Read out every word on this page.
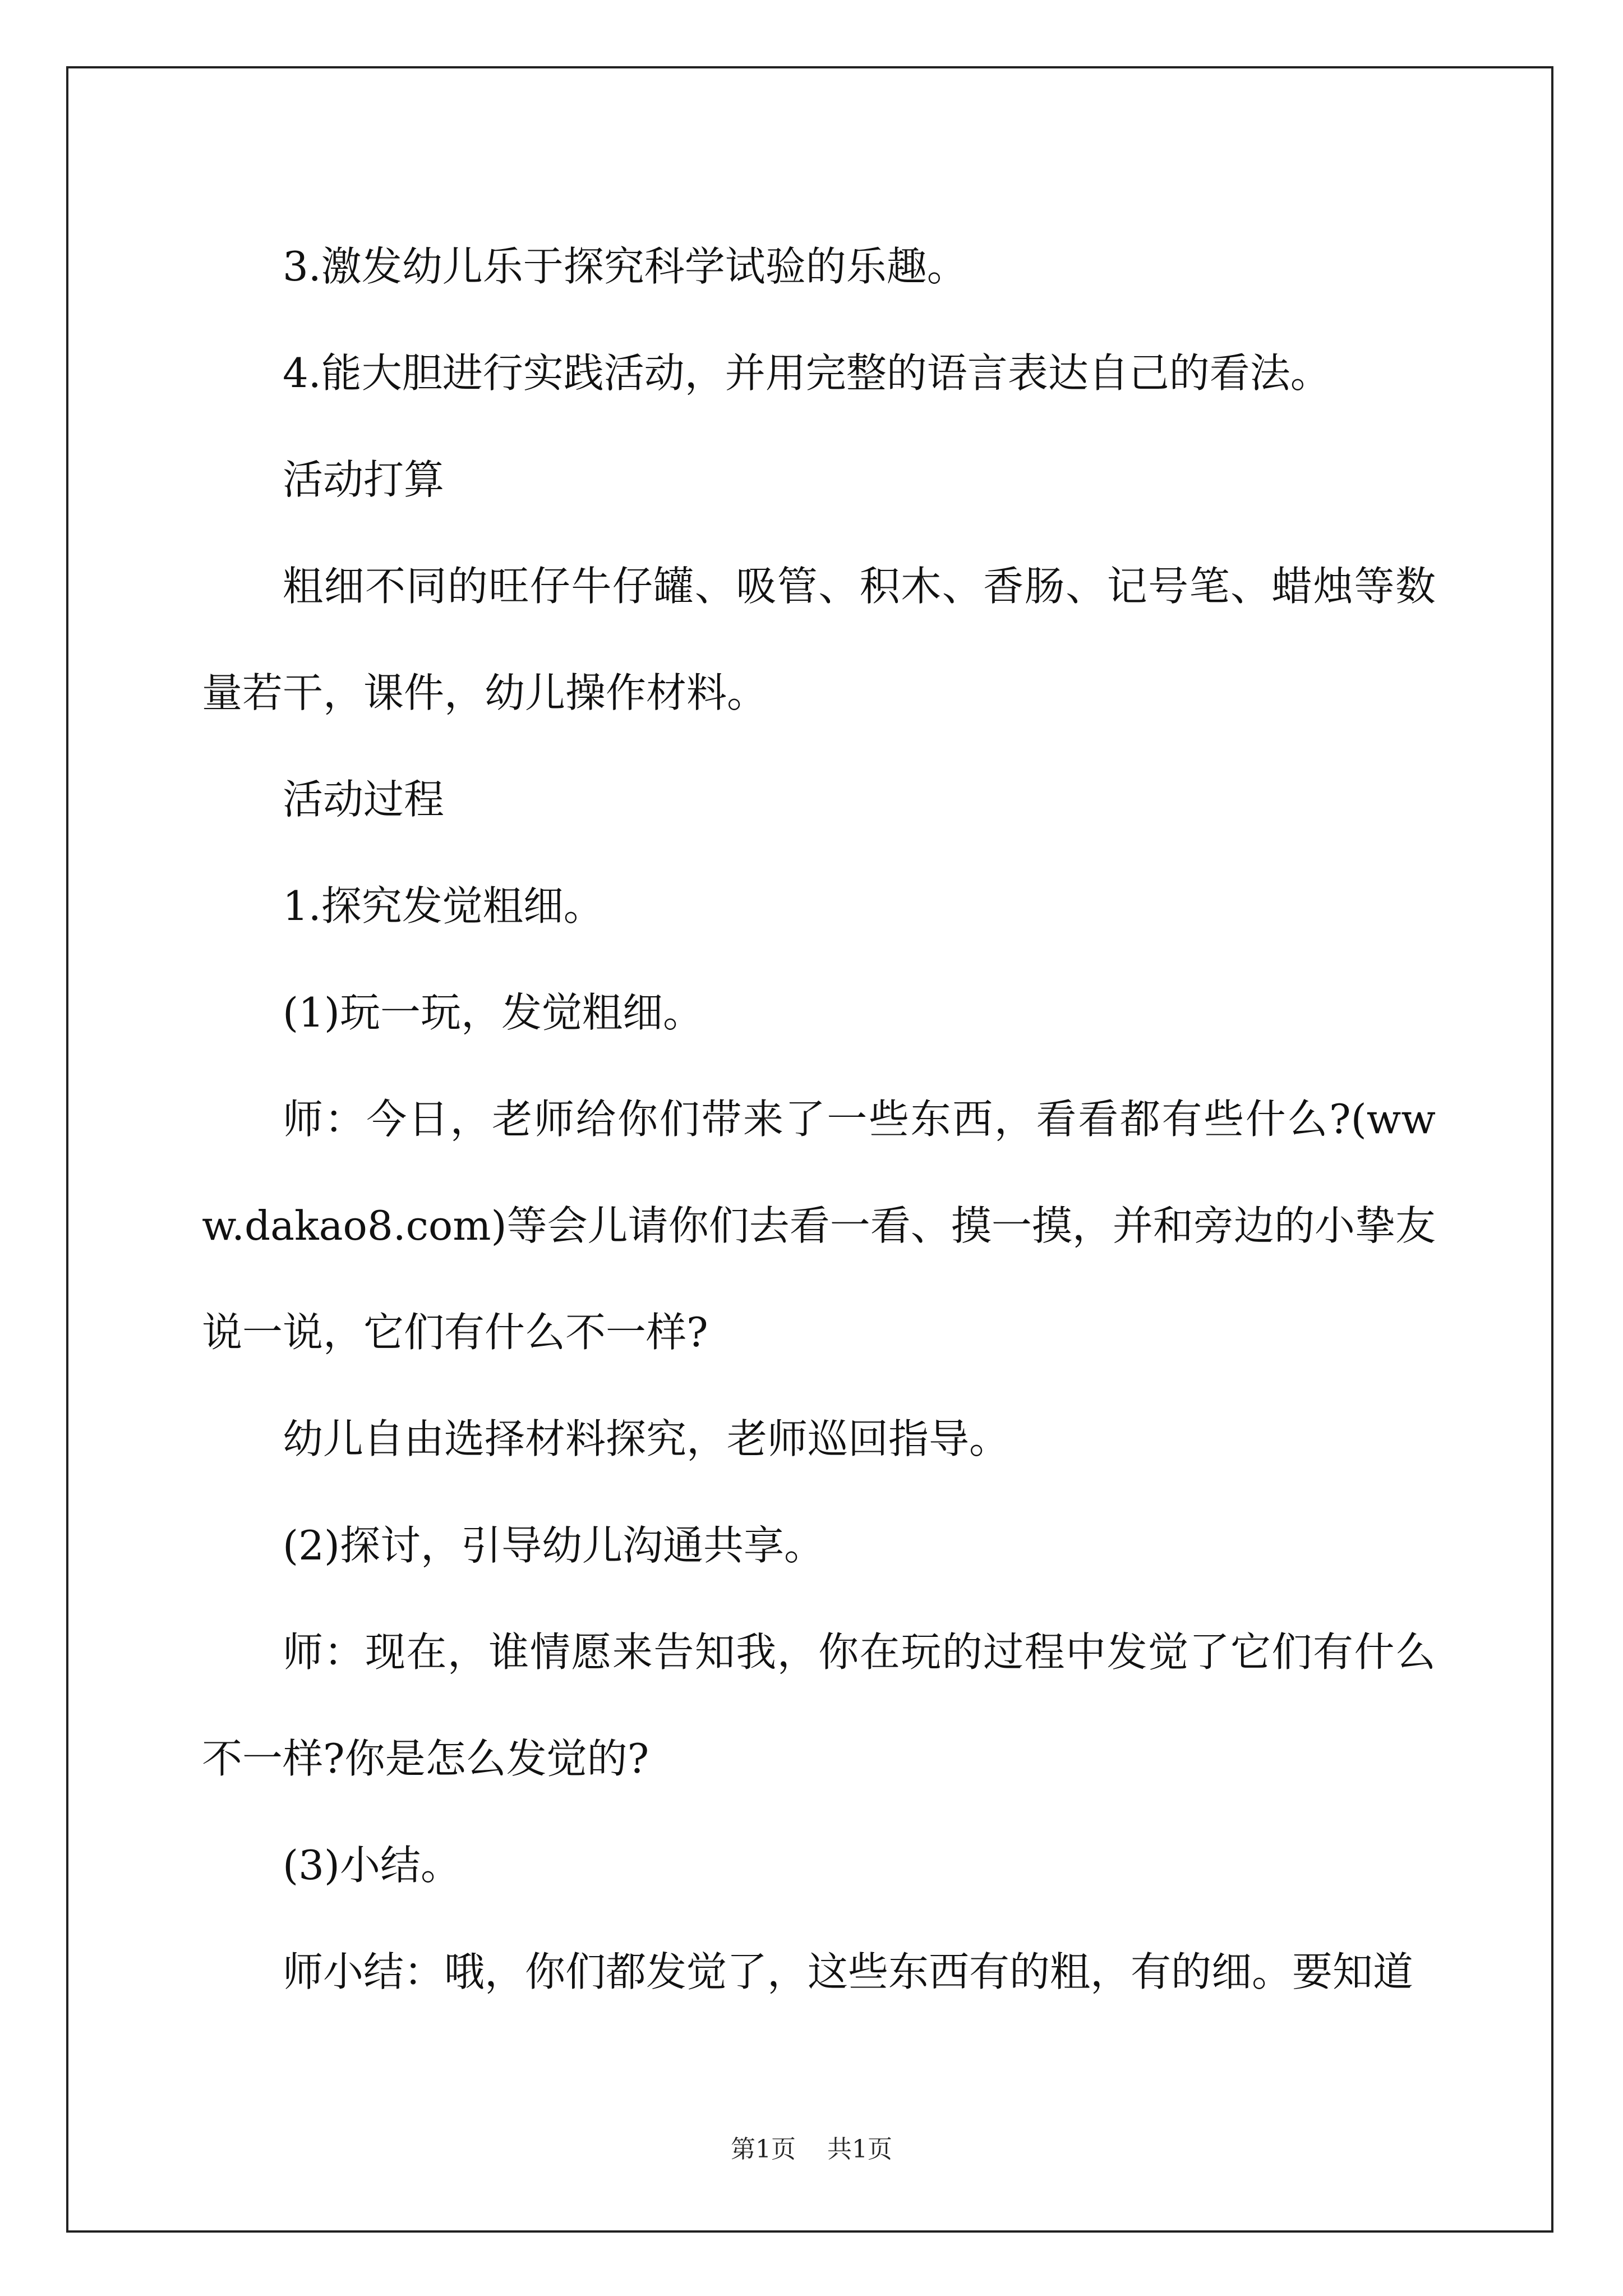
3.激发幼儿乐于探究科学试验的乐趣。

4.能大胆进行实践活动，并用完整的语言表达自己的看法。

活动打算

粗细不同的旺仔牛仔罐、吸管、积木、香肠、记号笔、蜡烛等数量若干，课件，幼儿操作材料。

活动过程

1.探究发觉粗细。

(1)玩一玩，发觉粗细。

师：今日，老师给你们带来了一些东西，看看都有些什么?(www.dakao8.com)等会儿请你们去看一看、摸一摸，并和旁边的小挚友说一说，它们有什么不一样?

幼儿自由选择材料探究，老师巡回指导。

(2)探讨，引导幼儿沟通共享。

师：现在，谁情愿来告知我，你在玩的过程中发觉了它们有什么不一样?你是怎么发觉的?

(3)小结。

师小结：哦，你们都发觉了，这些东西有的粗，有的细。要知道

第1页 共1页
